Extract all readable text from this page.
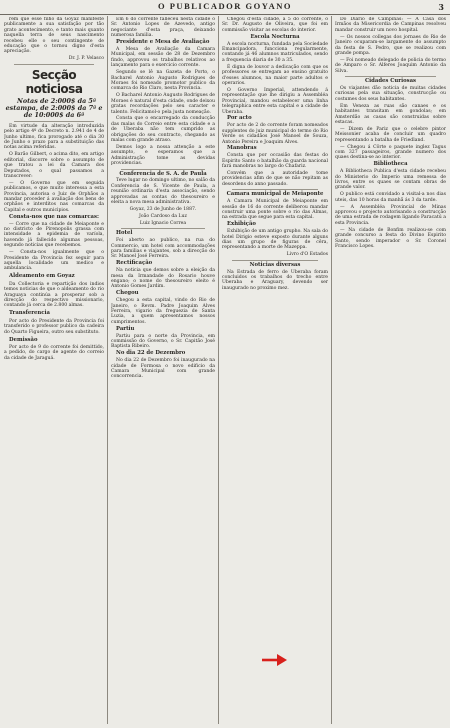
O PUBLICADOR GOYANO	3

rem que esse filho da Goyaz manifeste publicamente a sua satisfação por tão grato acontecimento, e tanto mais quanto naquella terra de seus nascimento recebeu elle o seu contingente de educação que o tornou digno d'esta apreciação.

Dr. J. P. Velasco

Secção noticiosa

Notas de 2:000$ da 5ª estampa, de 2:000$ da 7ª e de 10:000$ da 6ª

Em virtude da alteração introduzida pelo artigo 4º do Decreto n. 2.941 de 4 de Junho ultimo, fica prorogado até o dia 30 de Junho o prazo para a substituição das notas acima referidas.

O Barão Gilbert, o acima dito, em artigo editorial, discorre sobre o assumpto de que tratou a lei da Camara dos Deputados, o qual passamos a transcrever:

— O Governo que em seguida publicamos, e que muito interessa a esta Provincia, autorisa o Juiz de Orphãos a mandar proceder á avaliação dos bens de orphãos e interditos nas comarcas da Capital e outros municipios.

Consta-nos que nas comarcas:

— Corre que na cidade de Meiaponte e no districto de Pirenopolis grassa com intensidade a epidemia de varíola, havendo já fallecido algumas pessoas, segundo noticias que recebemos.

— Consta-nos igualmente que o Presidente da Provincia fez seguir para aquella localidade um medico e ambulancia.

Aldeamento em Goyaz

Da Collectoria e repartição dos indios temos noticias de que o aldeamento do rio Araguaya continúa a prosperar sob a direcção do respectivo missionario, contando já cerca de 2.800 almas.

Transferencia

Por acto do Presidente da Provincia foi transferido o professor publico da cadeira do Quarto Figueira, outro seu substituto.

Demissão

Por acto de 9 do corrente foi demittido, a pedido, do cargo de agente do correio da cidade de Jaraguá.

Em 6 do corrente falleceu nesta cidade o Sr. Antonio Lopes de Azevedo, antigo negociante d'esta praça, deixando numerosa familia.

Presidente e Mesa de Avaliação

A Mesa de Avaliação da Camara Municipal, em sessão de 28 de Dezembro findo, approvou os trabalhos relativos ao lançamento para o exercicio corrente.

Segundo se lê na Gazeta de Porto, o Bacharel Antonio Augusto Rodrigues de Moraes foi nomeado promotor publico da comarca do Rio Claro, nesta Provincia.

O Bacharel Antonio Augusto Rodrigues de Moraes é natural d'esta cidade, onde deixou gratas recordações pelo seu caracter e talento. Felicitamol-o pela justa nomeação.

Consta que o encarregado da conducção das malas do Correio entre esta cidade e a de Uberaba não tem cumprido as obrigações do seu contracto, chegando as malas com grande atraso.

Demos logo a nossa attenção a este assumpto, e esperamos que a Administração tome as devidas providencias.

Conferencia de S. A. de Paula

Teve lugar no domingo ultimo, no salão da Conferencia de S. Vicente de Paula, a reunião ordinaria d'esta associação, sendo approvadas as contas do thesoureiro e eleita a nova mesa administrativa.

Goyaz, 23 de Junho de 1887.

João Cardoso da Luz

Luiz Ignacio Correa

Hotel

Foi aberto ao publico, na rua do Commercio, um hotel com accommodações para familias e viajantes, sob a direcção do Sr. Manoel José Ferreira.

Rectificação

Na noticia que demos sobre a eleição da mesa da Irmandade do Rosario houve engano; o nome do thesoureiro eleito é Antonio Gomes Jardim.

Chegou

Chegou a esta capital, vindo do Rio de Janeiro, o Revm. Padre Joaquim Alves Ferreira, vigario da freguezia de Santa Luzia, a quem apresentamos nossos cumprimentos.

Partiu

Partiu para o norte da Provincia, em commissão do Governo, o Sr. Capitão José Baptista Ribeiro.

No dia 22 de Dezembro

No dia 22 de Dezembro foi inaugurado na cidade de Formosa o novo edificio da Camara Municipal com grande concorrencia.

Chegou d'esta cidade, a 5 do corrente, o Sr. Dr. Augusto de Oliveira, que foi em commissão visitar as escolas do interior.

Escola Nocturna

A escola nocturna, fundada pela Sociedade Emancipadora, funcciona regularmente, contando já 46 alumnos matriculados, sendo a frequencia diaria de 30 a 35.

É digna de louvor a dedicação com que os professores se entregam ao ensino gratuito d'esses alumnos, na maior parte adultos e operarios.

O Governo Imperial, attendendo á representação que lhe dirigiu a Assembléa Provincial, mandou estabelecer uma linha telegraphica entre esta capital e a cidade de Uberaba.

Por acto

Por acto de 2 do corrente foram nomeados supplentes do juiz municipal do termo do Rio Verde os cidadãos José Manoel de Souza, Antonio Pereira e Joaquim Alves.

Manobras

Consta que por occasião das festas do Espirito Santo o batalhão da guarda nacional fará manobras no largo do Chafariz.

Convém que a autoridade tome providencias afim de que se não repitam as desordens do anno passado.

Camara municipal de Meiaponte

A Camara Municipal de Meiaponte em sessão de 16 do corrente deliberou mandar construir uma ponte sobre o rio das Almas, na estrada que segue para esta capital.

Exhibição

Exhibição de um antigo grupho. Na sala do hotel Dirigio esteve exposto durante alguns dias um grupo de figuras de cêra, representando a morte de Mazeppa.

Livro d'O Estados

Noticias diversas

Na Estrada de ferro de Uberaba foram concluidos os trabalhos do trecho entre Uberaba e Araguary, devendo ser inaugurado no proximo mez.

Do Diario de Campinas: — A Casa dos Irmãos da Misericordia de Campinas resolveu mandar construir um novo hospital.

— Os nossos collegas dos jornaes do Rio de Janeiro ocuparam-se largamente do assumpto da festa de S. Pedro, que se realizou com grande pompa.

— Foi nomeado delegado de policia do termo de Amparo o Sr. Alferes Joaquim Antonio da Silva.

Cidades Curiosas

Os viajantes dão noticia de muitas cidades curiosas pela sua situação, construcção ou costumes dos seus habitantes.

Em Veneza as ruas são canaes e os habitantes transitam em gondolas; em Amsterdão as casas são construidas sobre estacas.

— Dizem de Pariz que o celebre pintor Meissonier acaba de concluir um quadro representando a batalha de Friedland.

— Chegou á Côrte o paquete inglez Tagus com 327 passageiros, grande numero dos quaes destina-se ao interior.

Bibliotheca

A Bibliotheca Publica d'esta cidade recebeu do Ministerio do Imperio uma remessa de livros, entre os quaes se contam obras de grande valor.

O publico está convidado a visital-a nos dias uteis, das 10 horas da manhã ás 3 da tarde.

— A Assembléa Provincial de Minas approvou o projecto autorisando a construcção de uma estrada de rodagem ligando Paracatú a esta Provincia.

— Na cidade de Bonfim realizou-se com grande concurso a festa do Divino Espirito Santo, sendo imperador o Sr. Coronel Francisco Lopes.
